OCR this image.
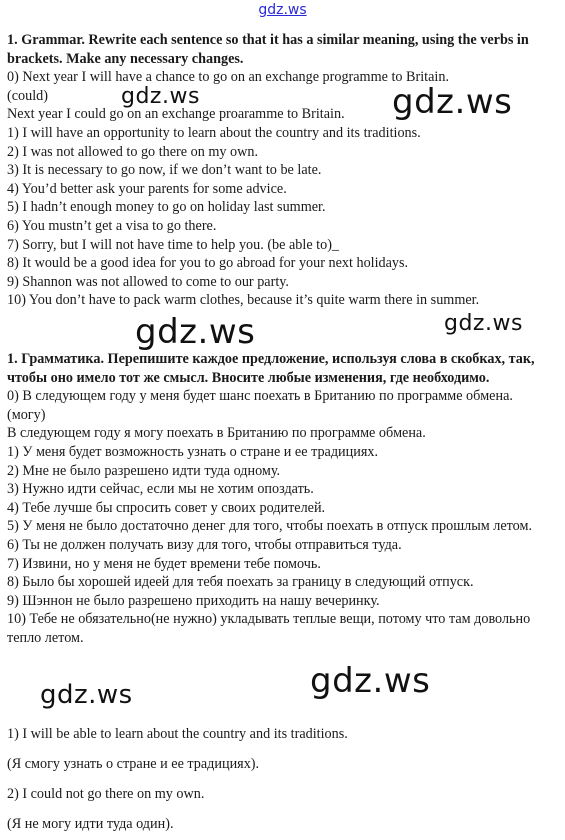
gdz.ws

1. Grammar. Rewrite each sentence so that it has a similar meaning, using the verbs in brackets. Make any necessary changes.

0) Next year I will have a chance to go on an exchange programme to Britain.

(could)

Next year I could go on an exchange proaramme to Britain.

1) I will have an opportunity to learn about the country and its traditions.

2) I was not allowed to go there on my own.

3) It is necessary to go now, if we don’t want to be late.

4) You’d better ask your parents for some advice.

5) I hadn’t enough money to go on holiday last summer.

6) You mustn’t get a visa to go there.

7) Sorry, but I will not have time to help you. (be able to)_

8) It would be a good idea for you to go abroad for your next holidays.

9) Shannon was not allowed to come to our party.

10) You don’t have to pack warm clothes, because it’s quite warm there in summer.

1. Грамматика. Перепишите каждое предложение, используя слова в скобках, так, чтобы оно имело тот же смысл. Вносите любые изменения, где необходимо.

0) В следующем году у меня будет шанс поехать в Британию по программе обмена. (могу)

В следующем году я могу поехать в Британию по программе обмена.

1) У меня будет возможность узнать о стране и ее традициях.

2) Мне не было разрешено идти туда одному.

3) Нужно идти сейчас, если мы не хотим опоздать.

4) Тебе лучше бы спросить совет у своих родителей.

5) У меня не было достаточно денег для того, чтобы поехать в отпуск прошлым летом.

6) Ты не должен получать визу для того, чтобы отправиться туда.

7) Извини, но у меня не будет времени тебе помочь.

8) Было бы хорошей идеей для тебя поехать за границу в следующий отпуск.

9) Шэннон не было разрешено приходить на нашу вечеринку.

10) Тебе не обязательно(не нужно) укладывать теплые вещи, потому что там довольно тепло летом.

1) I will be able to learn about the country and its traditions.
(Я смогу узнать о стране и ее традициях).
2) I could not go there on my own.
(Я не могу идти туда один).
gdz.ws	gdz.ws
gdz.ws	gdz.ws
gdz.ws	gdz.ws
